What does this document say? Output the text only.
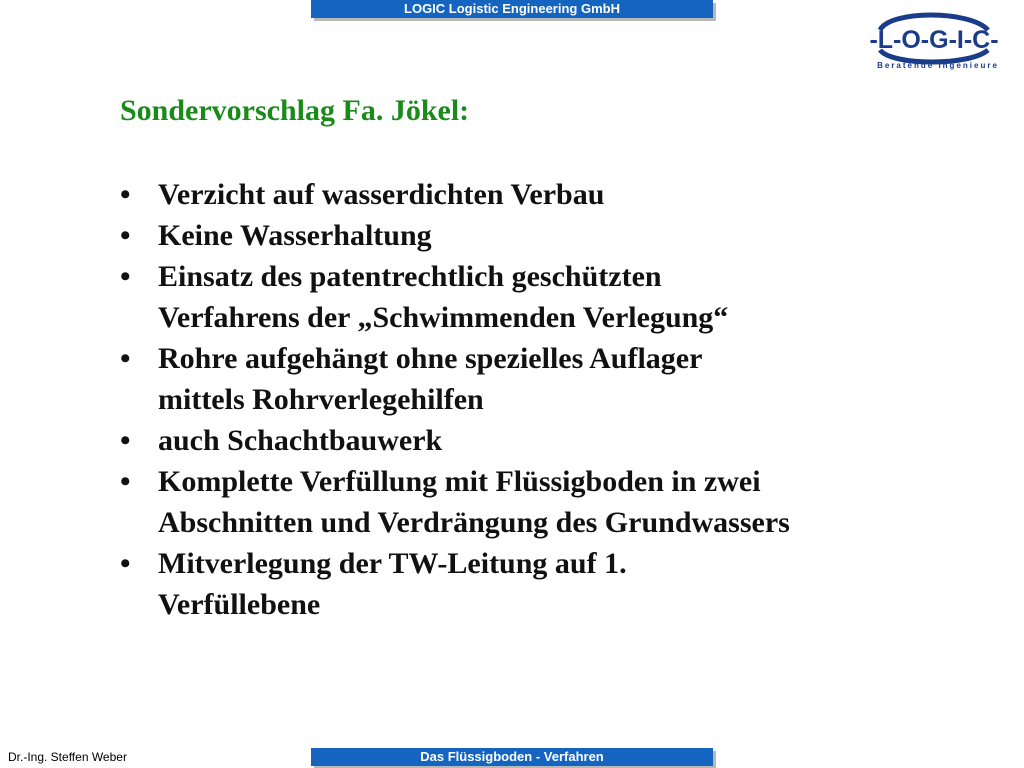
LOGIC Logistic Engineering GmbH
-L-O-G-I-C-
Beratende Ingenieure
Sondervorschlag Fa. Jökel:
• Verzicht auf wasserdichten Verbau
• Keine Wasserhaltung
• Einsatz des patentrechtlich geschützten
Verfahrens der „Schwimmenden Verlegung“
• Rohre aufgehängt ohne spezielles Auflager
mittels Rohrverlegehilfen
• auch Schachtbauwerk
• Komplette Verfüllung mit Flüssigboden in zwei
Abschnitten und Verdrängung des Grundwassers
• Mitverlegung der TW-Leitung auf 1.
Verfüllebene
Dr.-Ing. Steffen Weber	Das Flüssigboden - Verfahren
